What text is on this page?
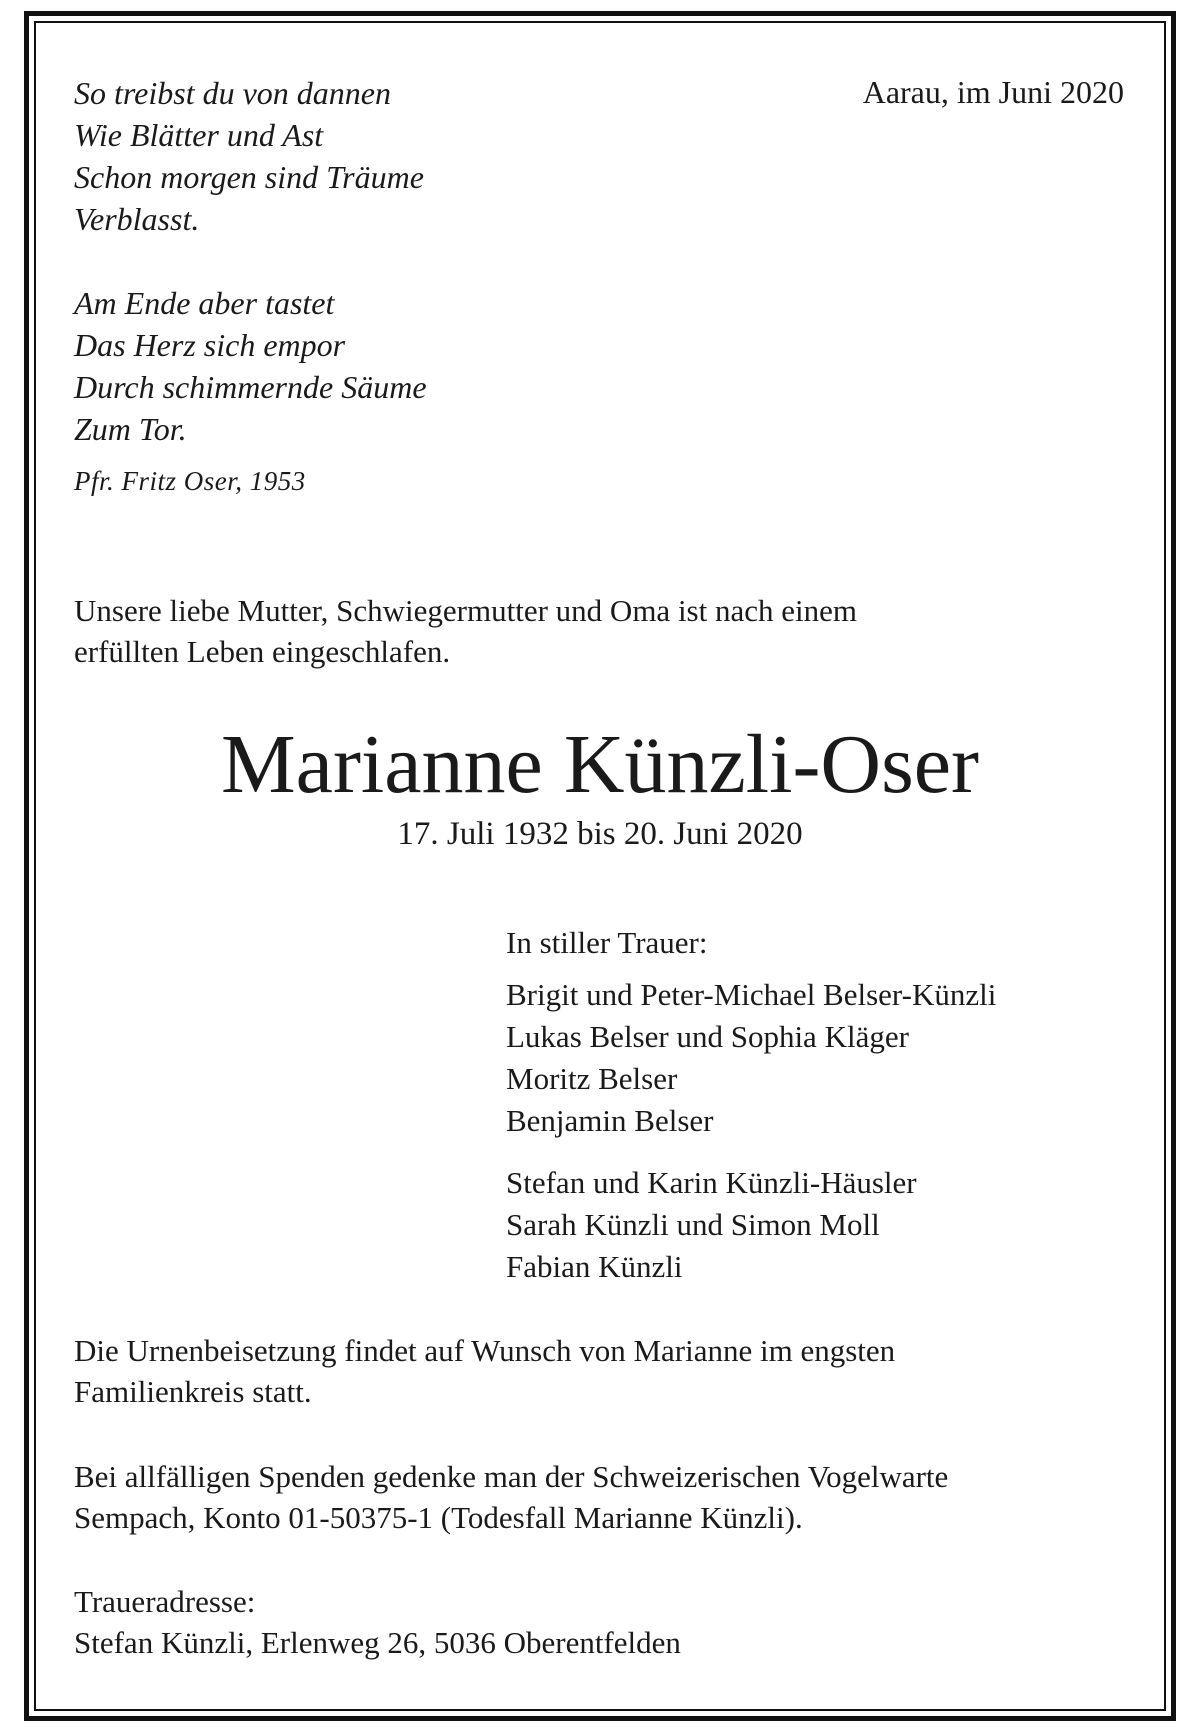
Aarau, im Juni 2020
So treibst du von dannen
Wie Blätter und Ast
Schon morgen sind Träume
Verblasst.
Am Ende aber tastet
Das Herz sich empor
Durch schimmernde Säume
Zum Tor.
Pfr. Fritz Oser, 1953
Unsere liebe Mutter, Schwiegermutter und Oma ist nach einem
erfüllten Leben eingeschlafen.
Marianne Künzli-Oser
17. Juli 1932 bis 20. Juni 2020
In stiller Trauer:
Brigit und Peter-Michael Belser-Künzli
Lukas Belser und Sophia Kläger
Moritz Belser
Benjamin Belser
Stefan und Karin Künzli-Häusler
Sarah Künzli und Simon Moll
Fabian Künzli
Die Urnenbeisetzung findet auf Wunsch von Marianne im engsten
Familienkreis statt.
Bei allfälligen Spenden gedenke man der Schweizerischen Vogelwarte
Sempach, Konto 01-50375-1 (Todesfall Marianne Künzli).
Traueradresse:
Stefan Künzli, Erlenweg 26, 5036 Oberentfelden
